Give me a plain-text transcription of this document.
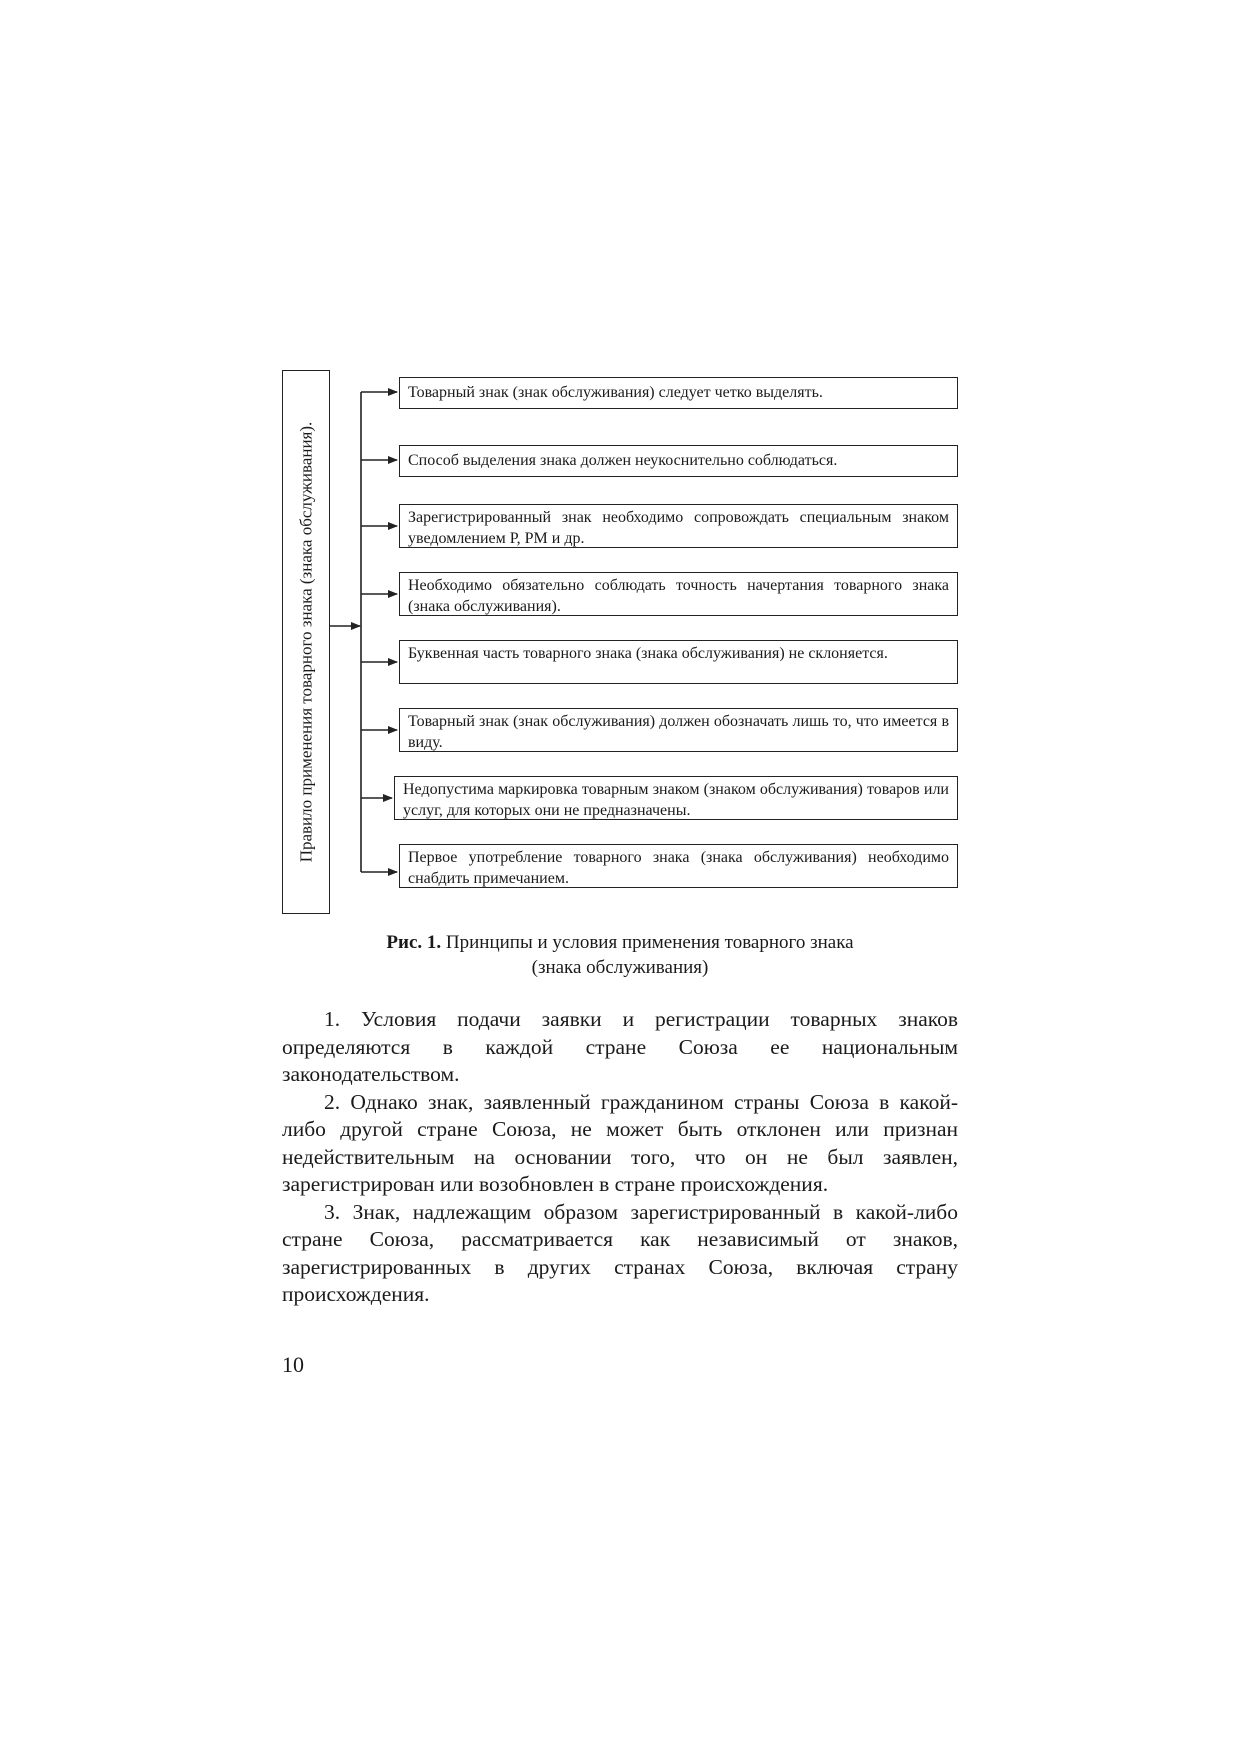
Правило применения товарного знака (знака обслуживания).
Товарный знак (знак обслуживания) следует четко выделять.
Способ выделения знака должен неукоснительно соблюдаться.
Зарегистрированный знак необходимо сопровождать специальным знаком уведомлением Р, РМ и др.
Необходимо обязательно соблюдать точность начертания товарного знака (знака обслуживания).
Буквенная часть товарного знака (знака обслуживания) не склоняется.
Товарный знак (знак обслуживания) должен обозначать лишь то, что имеется в виду.
Недопустима маркировка товарным знаком (знаком обслуживания) товаров или услуг, для которых они не предназначены.
Первое употребление товарного знака (знака обслуживания) необходимо снабдить примечанием.
Рис. 1. Принципы и условия применения товарного знака
(знака обслуживания)

1. Условия подачи заявки и регистрации товарных знаков определяются в каждой стране Союза ее национальным законодательством.

2. Однако знак, заявленный гражданином страны Союза в какой-либо другой стране Союза, не может быть отклонен или признан недействительным на основании того, что он не был заявлен, зарегистрирован или возобновлен в стране происхождения.

3. Знак, надлежащим образом зарегистрированный в какой-либо стране Союза, рассматривается как независимый от знаков, зарегистрированных в других странах Союза, включая страну происхождения.

10
